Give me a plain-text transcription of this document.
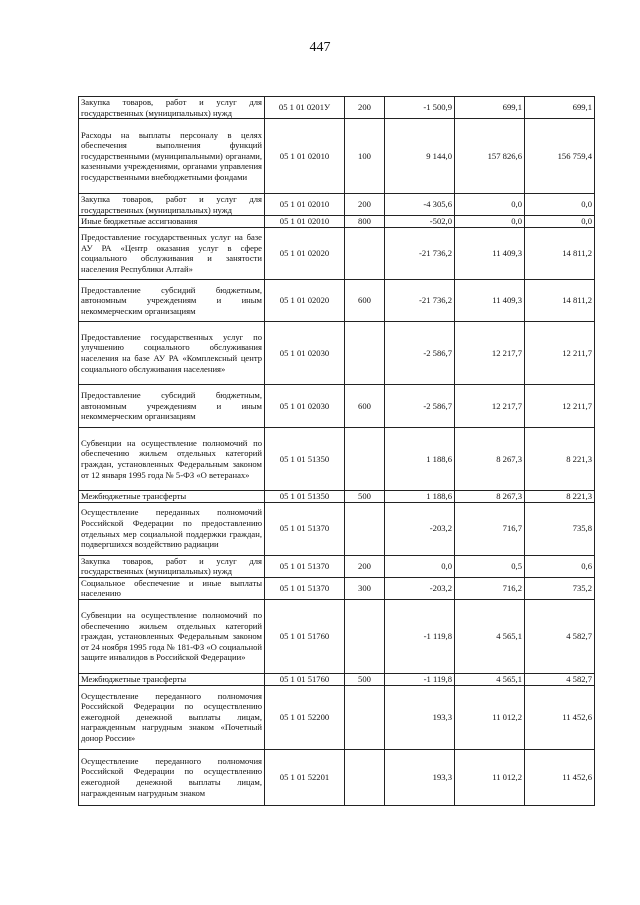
447
Закупка товаров, работ и услуг для государственных (муниципальных) нужд	05 1 01 0201У	200	-1 500,9	699,1	699,1
Расходы на выплаты персоналу в целях обеспечения выполнения функций государственными (муниципальными) органами, казенными учреждениями, органами управления государственными внебюджетными фондами	05 1 01 02010	100	9 144,0	157 826,6	156 759,4
Закупка товаров, работ и услуг для государственных (муниципальных) нужд	05 1 01 02010	200	-4 305,6	0,0	0,0
Иные бюджетные ассигнования	05 1 01 02010	800	-502,0	0,0	0,0
Предоставление государственных услуг на базе АУ РА «Центр оказания услуг в сфере социального обслуживания и занятости населения Республики Алтай»	05 1 01 02020		-21 736,2	11 409,3	14 811,2
Предоставление субсидий бюджетным, автономным учреждениям и иным некоммерческим организациям	05 1 01 02020	600	-21 736,2	11 409,3	14 811,2
Предоставление государственных услуг по улучшению социального обслуживания населения на базе АУ РА «Комплексный центр социального обслуживания населения»	05 1 01 02030		-2 586,7	12 217,7	12 211,7
Предоставление субсидий бюджетным, автономным учреждениям и иным некоммерческим организациям	05 1 01 02030	600	-2 586,7	12 217,7	12 211,7
Субвенции на осуществление полномочий по обеспечению жильем отдельных категорий граждан, установленных Федеральным законом от 12 января 1995 года № 5-ФЗ «О ветеранах»	05 1 01 51350		1 188,6	8 267,3	8 221,3
Межбюджетные трансферты	05 1 01 51350	500	1 188,6	8 267,3	8 221,3
Осуществление переданных полномочий Российской Федерации по предоставлению отдельных мер социальной поддержки граждан, подвергшихся воздействию радиации	05 1 01 51370		-203,2	716,7	735,8
Закупка товаров, работ и услуг для государственных (муниципальных) нужд	05 1 01 51370	200	0,0	0,5	0,6
Социальное обеспечение и иные выплаты населению	05 1 01 51370	300	-203,2	716,2	735,2
Субвенции на осуществление полномочий по обеспечению жильем отдельных категорий граждан, установленных Федеральным законом от 24 ноября 1995 года № 181-ФЗ «О социальной защите инвалидов в Российской Федерации»	05 1 01 51760		-1 119,8	4 565,1	4 582,7
Межбюджетные трансферты	05 1 01 51760	500	-1 119,8	4 565,1	4 582,7
Осуществление переданного полномочия Российской Федерации по осуществлению ежегодной денежной выплаты лицам, награжденным нагрудным знаком «Почетный донор России»	05 1 01 52200		193,3	11 012,2	11 452,6
Осуществление переданного полномочия Российской Федерации по осуществлению ежегодной денежной выплаты лицам, награжденным нагрудным знаком	05 1 01 52201		193,3	11 012,2	11 452,6
